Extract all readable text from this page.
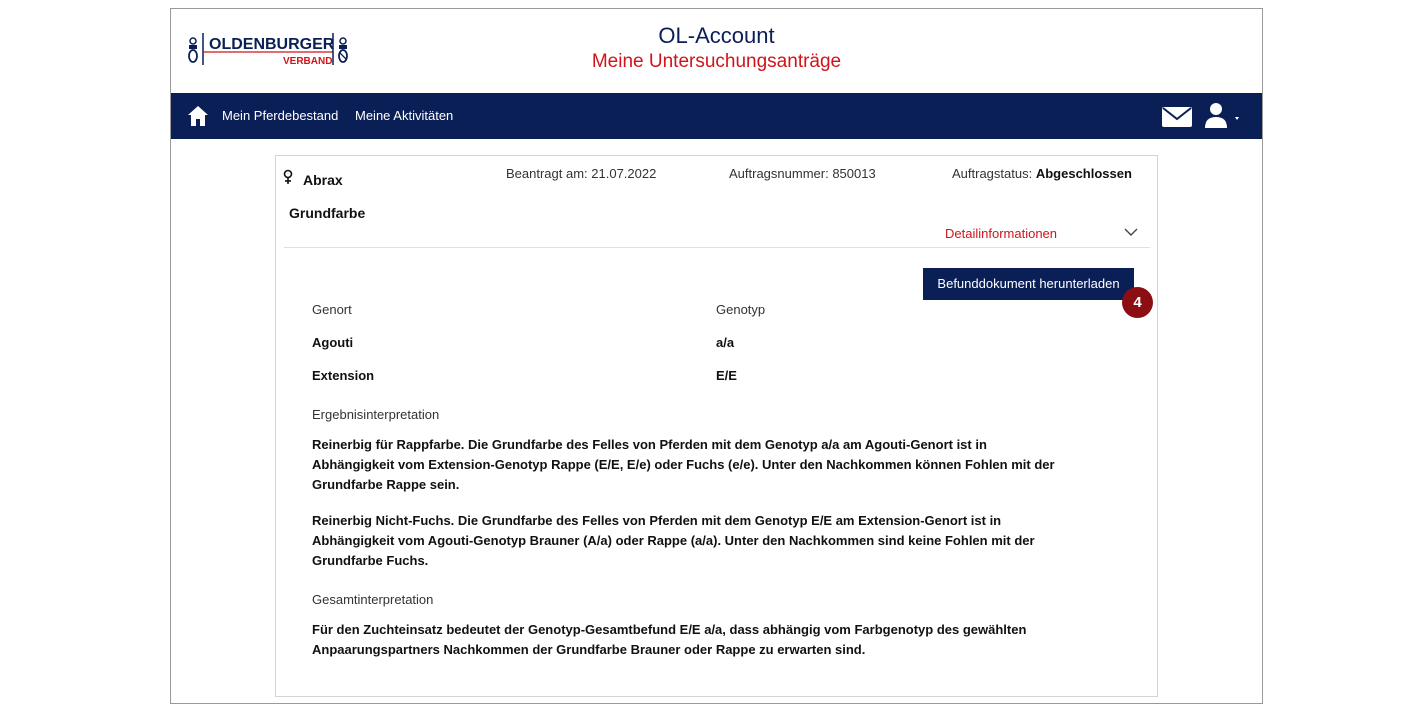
OLDENBURGER
VERBAND
OL-Account
Meine Untersuchungsanträge
Mein Pferdebestand Meine Aktivitäten
Abrax	Beantragt am: 21.07.2022	Auftragsnummer: 850013	Auftragstatus: Abgeschlossen
Grundfarbe
Detailinformationen
Befunddokument herunterladen
4
Genort	Genotyp
Agouti	a/a
Extension	E/E
Ergebnisinterpretation
Reinerbig für Rappfarbe. Die Grundfarbe des Felles von Pferden mit dem Genotyp a/a am Agouti-Genort ist in
Abhängigkeit vom Extension-Genotyp Rappe (E/E, E/e) oder Fuchs (e/e). Unter den Nachkommen können Fohlen mit der
Grundfarbe Rappe sein.
Reinerbig Nicht-Fuchs. Die Grundfarbe des Felles von Pferden mit dem Genotyp E/E am Extension-Genort ist in
Abhängigkeit vom Agouti-Genotyp Brauner (A/a) oder Rappe (a/a). Unter den Nachkommen sind keine Fohlen mit der
Grundfarbe Fuchs.
Gesamtinterpretation
Für den Zuchteinsatz bedeutet der Genotyp-Gesamtbefund E/E a/a, dass abhängig vom Farbgenotyp des gewählten
Anpaarungspartners Nachkommen der Grundfarbe Brauner oder Rappe zu erwarten sind.
